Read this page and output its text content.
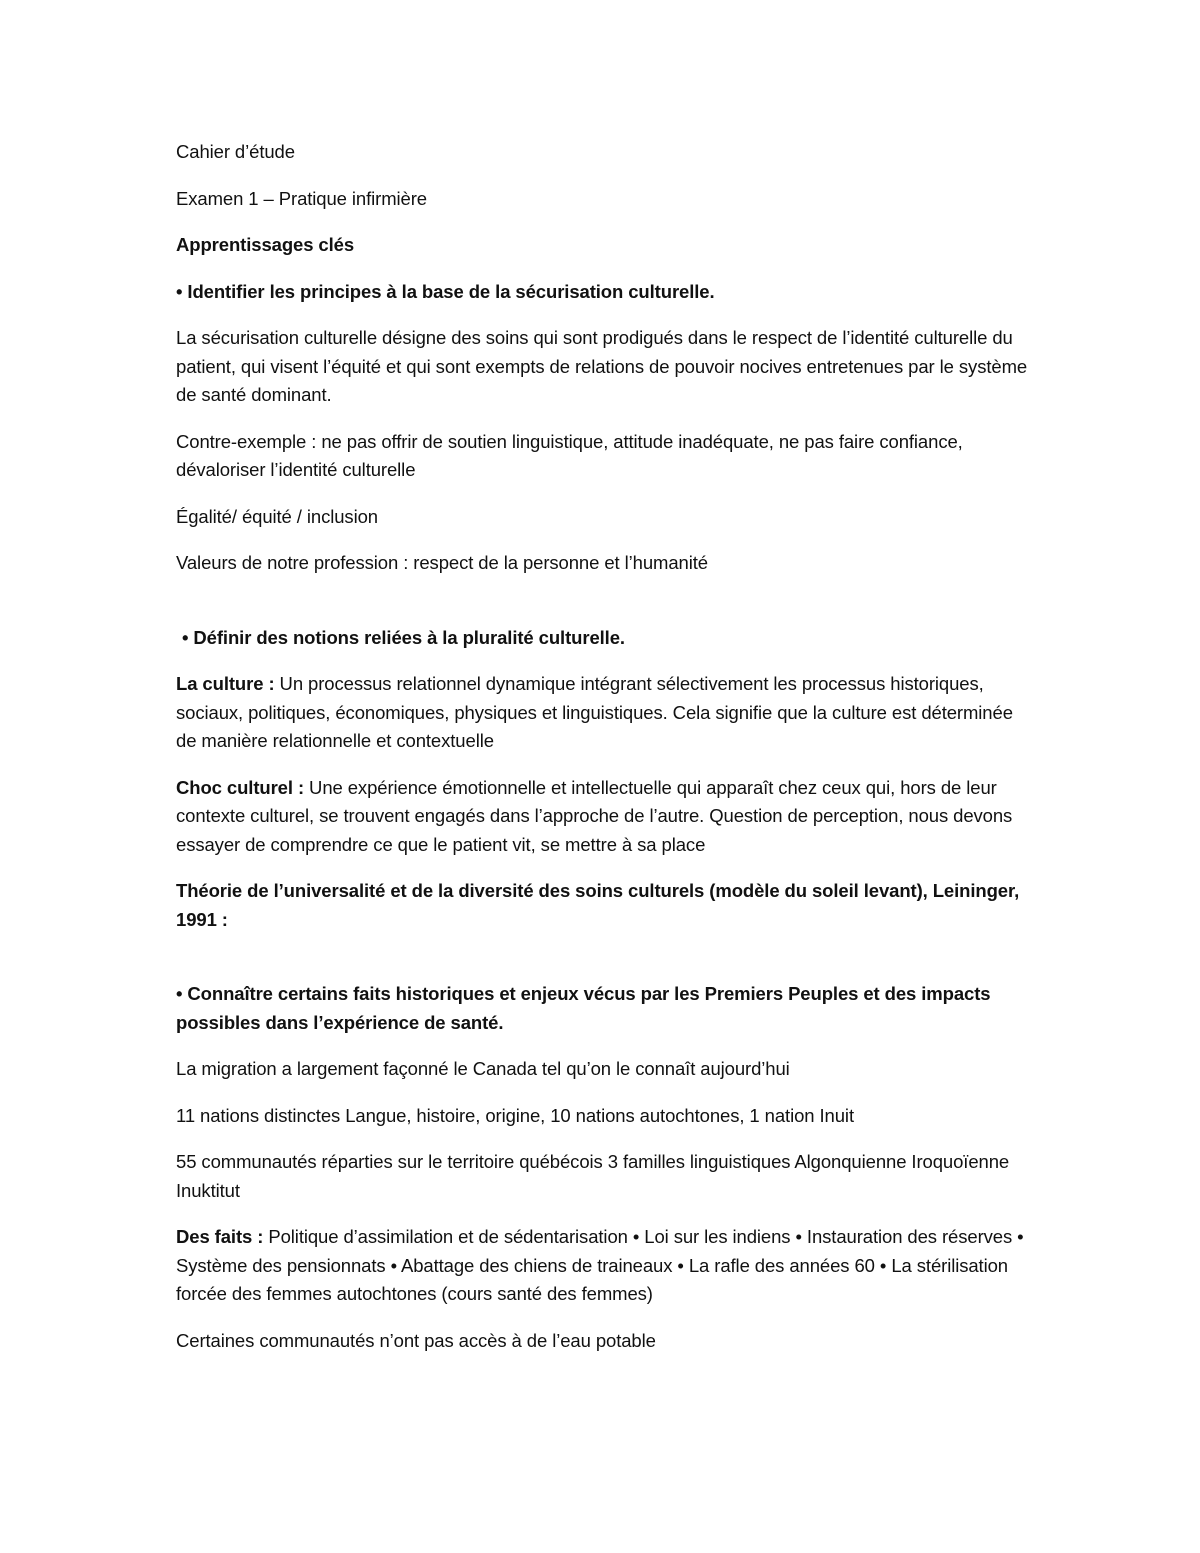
Cahier d’étude

Examen 1 – Pratique infirmière

Apprentissages clés

• Identifier les principes à la base de la sécurisation culturelle.

La sécurisation culturelle désigne des soins qui sont prodigués dans le respect de l’identité culturelle du patient, qui visent l’équité et qui sont exempts de relations de pouvoir nocives entretenues par le système de santé dominant.

Contre-exemple : ne pas offrir de soutien linguistique, attitude inadéquate, ne pas faire confiance, dévaloriser l’identité culturelle

Égalité/ équité / inclusion

Valeurs de notre profession : respect de la personne et l’humanité

• Définir des notions reliées à la pluralité culturelle.

La culture : Un processus relationnel dynamique intégrant sélectivement les processus historiques, sociaux, politiques, économiques, physiques et linguistiques. Cela signifie que la culture est déterminée de manière relationnelle et contextuelle

Choc culturel : Une expérience émotionnelle et intellectuelle qui apparaît chez ceux qui, hors de leur contexte culturel, se trouvent engagés dans l’approche de l’autre. Question de perception, nous devons essayer de comprendre ce que le patient vit, se mettre à sa place

Théorie de l’universalité et de la diversité des soins culturels (modèle du soleil levant), Leininger, 1991 :

• Connaître certains faits historiques et enjeux vécus par les Premiers Peuples et des impacts possibles dans l’expérience de santé.

La migration a largement façonné le Canada tel qu’on le connaît aujourd’hui

11 nations distinctes Langue, histoire, origine, 10 nations autochtones, 1 nation Inuit

55 communautés réparties sur le territoire québécois 3 familles linguistiques Algonquienne Iroquoïenne Inuktitut

Des faits : Politique d’assimilation et de sédentarisation • Loi sur les indiens • Instauration des réserves • Système des pensionnats • Abattage des chiens de traineaux • La rafle des années 60 • La stérilisation forcée des femmes autochtones (cours santé des femmes)

Certaines communautés n’ont pas accès à de l’eau potable
